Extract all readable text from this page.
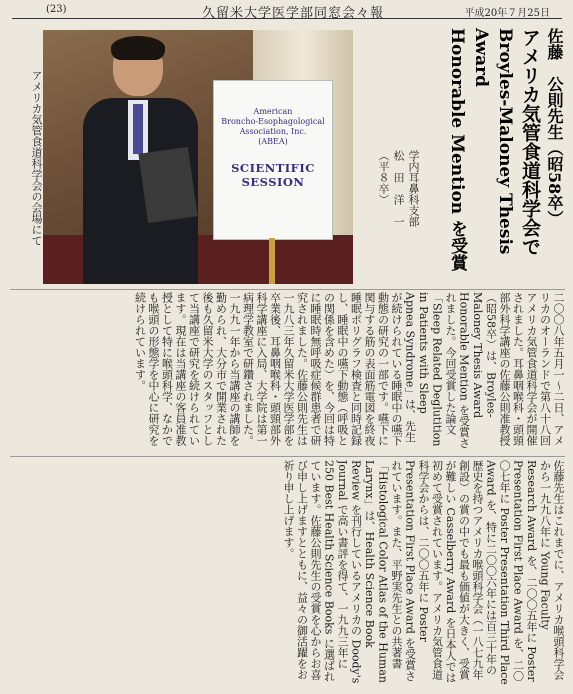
(23)	久留米大学医学部同窓会々報	平成20年７月25日
アメリカ気管食道科学会の会場にて	American
Broncho-Esophagological
Association, Inc.
(ABEA)
SCIENTIFIC
SESSION	佐藤　公則先生（昭58卒）
アメリカ気管食道科学会で
Broyles-Maloney Thesis Award
Honorable Mention を受賞
学内耳鼻科支部
松　田　洋　一
（平８卒）

二〇〇八年五月一〜二日、アメリカのオーランドで第八十八回アメリカ気管食道科学会が開催されました。耳鼻咽喉科・頭頸部外科学講座の佐藤公則准教授（昭58卒）は、Broyles-Maloney Thesis Award Honorable Mention を受賞されました。今回受賞した論文「Sleep Related Deglutition in Patients with Sleep Apnea Syndrome」は、先生が続けられている睡眠中の嚥下動態の研究の一部です。嚥下に関与する筋の表面筋電図を終夜睡眠ポリグラフ検査と同時記録し、睡眠中の嚥下動態（呼吸との関係を含めた）を、今回は特に睡眠時無呼吸症候群患者で研究されました。佐藤公則先生は一九八三年久留米大学医学部を卒業後、耳鼻咽喉科・頭頸部外科学講座に入局、大学院は第一病理学教室で研鑽されました。一九九一年から当講座の講師を勤められ、大分市で開業された後も久留米大学のスタッフとして当講座で研究を続けられています。現在は当講座の客員准教授として特に喉頭科学、なかでも喉頭の形態学を中心に研究を続けられています。

佐藤先生はこれまでに、アメリカ喉頭科学会から一九九八年に Young Faculty Research Award を、二〇〇五年に Poster Presentation First Place Award を、二〇〇七年に Poster Presentation Third Place Award を、特に二〇〇六年には百三十年の歴史を持つアメリカ喉頭科学会（一八七九年創設）の賞の中でも最も価値が大きく、受賞が難しい Casselberry Award を日本人では初めて受賞されています。アメリカ気管食道科学会からは、二〇〇五年に Poster Presentation First Place Award を受賞されています。また、平野実先生との共著書「Histological Color Atlas of the Human Larynx」は、Health Science Book Review を刊行しているアメリカの Doody's Journal で高い書評を得て、一九九三年に 250 Best Health Science Books に選ばれています。佐藤公則先生の受賞を心からお喜び申し上げますとともに、益々の御活躍をお祈り申し上げます。
